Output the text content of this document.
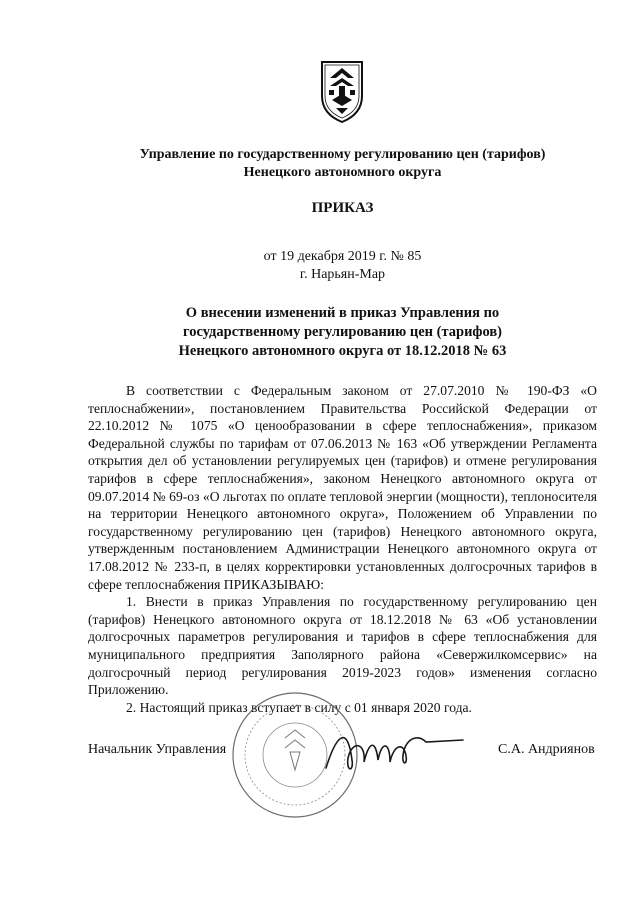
Управление по государственному регулированию цен (тарифов)
Ненецкого автономного округа
ПРИКАЗ
от 19 декабря 2019 г. № 85
г. Нарьян-Мар
О внесении изменений в приказ Управления по
государственному регулированию цен (тарифов)
Ненецкого автономного округа от 18.12.2018 № 63

В соответствии с Федеральным законом от 27.07.2010 № 190-ФЗ «О теплоснабжении», постановлением Правительства Российской Федерации от 22.10.2012 № 1075 «О ценообразовании в сфере теплоснабжения», приказом Федеральной службы по тарифам от 07.06.2013 № 163 «Об утверждении Регламента открытия дел об установлении регулируемых цен (тарифов) и отмене регулирования тарифов в сфере теплоснабжения», законом Ненецкого автономного округа от 09.07.2014 № 69-оз «О льготах по оплате тепловой энергии (мощности), теплоносителя на территории Ненецкого автономного округа», Положением об Управлении по государственному регулированию цен (тарифов) Ненецкого автономного округа, утвержденным постановлением Администрации Ненецкого автономного округа от 17.08.2012 № 233-п, в целях корректировки установленных долгосрочных тарифов в сфере теплоснабжения ПРИКАЗЫВАЮ:

1. Внести в приказ Управления по государственному регулированию цен (тарифов) Ненецкого автономного округа от 18.12.2018 № 63 «Об установлении долгосрочных параметров регулирования и тарифов в сфере теплоснабжения для муниципального предприятия Заполярного района «Севержилкомсервис» на долгосрочный период регулирования 2019-2023 годов» изменения согласно Приложению.

2. Настоящий приказ вступает в силу с 01 января 2020 года.

Начальник Управления	С.А. Андриянов
